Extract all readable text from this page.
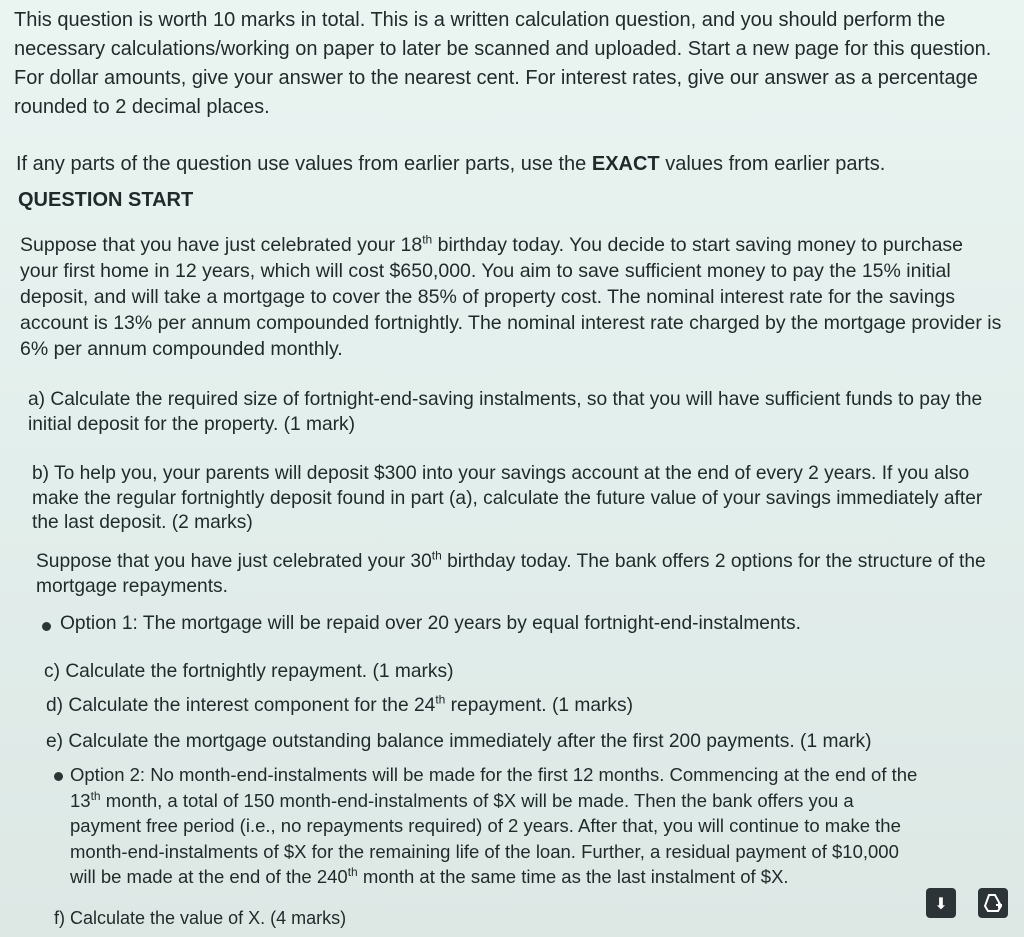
This question is worth 10 marks in total. This is a written calculation question, and you should perform the necessary calculations/working on paper to later be scanned and uploaded. Start a new page for this question. For dollar amounts, give your answer to the nearest cent. For interest rates, give our answer as a percentage rounded to 2 decimal places.
If any parts of the question use values from earlier parts, use the EXACT values from earlier parts.
QUESTION START
Suppose that you have just celebrated your 18th birthday today. You decide to start saving money to purchase your first home in 12 years, which will cost $650,000. You aim to save sufficient money to pay the 15% initial deposit, and will take a mortgage to cover the 85% of property cost. The nominal interest rate for the savings account is 13% per annum compounded fortnightly. The nominal interest rate charged by the mortgage provider is 6% per annum compounded monthly.
a) Calculate the required size of fortnight-end-saving instalments, so that you will have sufficient funds to pay the initial deposit for the property. (1 mark)
b) To help you, your parents will deposit $300 into your savings account at the end of every 2 years. If you also make the regular fortnightly deposit found in part (a), calculate the future value of your savings immediately after the last deposit. (2 marks)
Suppose that you have just celebrated your 30th birthday today. The bank offers 2 options for the structure of the mortgage repayments.
Option 1: The mortgage will be repaid over 20 years by equal fortnight-end-instalments.
c) Calculate the fortnightly repayment. (1 marks)
d) Calculate the interest component for the 24th repayment. (1 marks)
e) Calculate the mortgage outstanding balance immediately after the first 200 payments. (1 mark)
Option 2: No month-end-instalments will be made for the first 12 months. Commencing at the end of the
13th month, a total of 150 month-end-instalments of $X will be made. Then the bank offers you a
payment free period (i.e., no repayments required) of 2 years. After that, you will continue to make the
month-end-instalments of $X for the remaining life of the loan. Further, a residual payment of $10,000
will be made at the end of the 240th month at the same time as the last instalment of $X.
f) Calculate the value of X. (4 marks)
⬇
